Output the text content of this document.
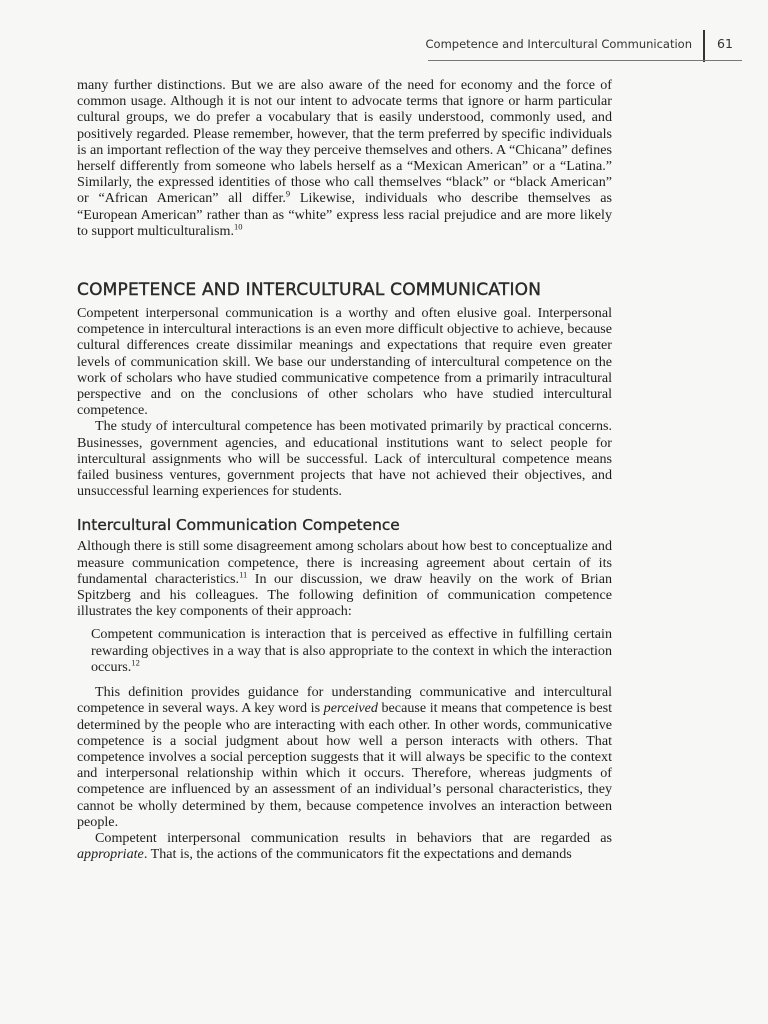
Competence and Intercultural Communication 61

many further distinctions. But we are also aware of the need for economy and the force of common usage. Although it is not our intent to advocate terms that ignore or harm particular cultural groups, we do prefer a vocabulary that is easily understood, commonly used, and positively regarded. Please remember, however, that the term preferred by specific individuals is an important reflection of the way they perceive themselves and others. A “Chicana” defines herself differently from someone who labels herself as a “Mexican American” or a “Latina.” Similarly, the expressed identities of those who call themselves “black” or “black American” or “African American” all differ.$^9$ Likewise, individuals who describe themselves as “European American” rather than as “white” express less racial prejudice and are more likely to support multiculturalism.$^{10}$

COMPETENCE AND INTERCULTURAL COMMUNICATION

Competent interpersonal communication is a worthy and often elusive goal. Interpersonal competence in intercultural interactions is an even more difficult objective to achieve, because cultural differences create dissimilar meanings and expectations that require even greater levels of communication skill. We base our understanding of intercultural competence on the work of scholars who have studied communicative competence from a primarily intracultural perspective and on the conclusions of other scholars who have studied intercultural competence.

The study of intercultural competence has been motivated primarily by practical concerns. Businesses, government agencies, and educational institutions want to select people for intercultural assignments who will be successful. Lack of intercultural competence means failed business ventures, government projects that have not achieved their objectives, and unsuccessful learning experiences for students.

Intercultural Communication Competence

Although there is still some disagreement among scholars about how best to conceptualize and measure communication competence, there is increasing agreement about certain of its fundamental characteristics.$^{11}$ In our discussion, we draw heavily on the work of Brian Spitzberg and his colleagues. The following definition of communication competence illustrates the key components of their approach:

Competent communication is interaction that is perceived as effective in fulfilling certain rewarding objectives in a way that is also appropriate to the context in which the interaction occurs.$^{12}$

This definition provides guidance for understanding communicative and intercultural competence in several ways. A key word is perceived because it means that competence is best determined by the people who are interacting with each other. In other words, communicative competence is a social judgment about how well a person interacts with others. That competence involves a social perception suggests that it will always be specific to the context and interpersonal relationship within which it occurs. Therefore, whereas judgments of competence are influenced by an assessment of an individual’s personal characteristics, they cannot be wholly determined by them, because competence involves an interaction between people.

Competent interpersonal communication results in behaviors that are regarded as appropriate. That is, the actions of the communicators fit the expectations and demands
